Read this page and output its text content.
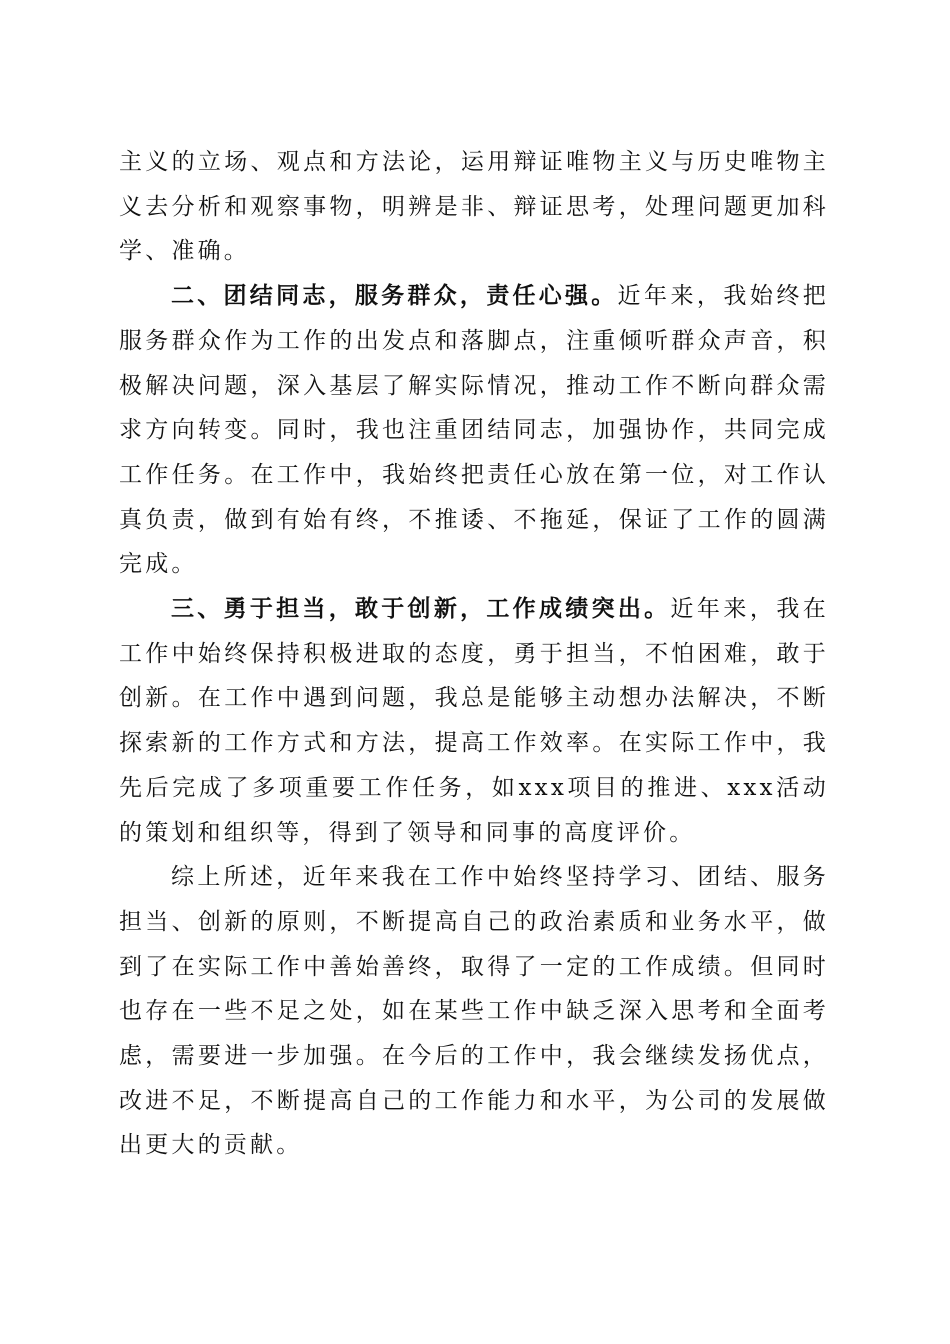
主义的立场、观点和方法论，运用辩证唯物主义与历史唯物主义去分析和观察事物，明辨是非、辩证思考，处理问题更加科学、准确。

二、团结同志，服务群众，责任心强。近年来，我始终把服务群众作为工作的出发点和落脚点，注重倾听群众声音，积极解决问题，深入基层了解实际情况，推动工作不断向群众需求方向转变。同时，我也注重团结同志，加强协作，共同完成工作任务。在工作中，我始终把责任心放在第一位，对工作认真负责，做到有始有终，不推诿、不拖延，保证了工作的圆满完成。

三、勇于担当，敢于创新，工作成绩突出。近年来，我在工作中始终保持积极进取的态度，勇于担当，不怕困难，敢于创新。在工作中遇到问题，我总是能够主动想办法解决，不断探索新的工作方式和方法，提高工作效率。在实际工作中，我先后完成了多项重要工作任务，如xxx项目的推进、xxx活动的策划和组织等，得到了领导和同事的高度评价。

综上所述，近年来我在工作中始终坚持学习、团结、服务担当、创新的原则，不断提高自己的政治素质和业务水平，做到了在实际工作中善始善终，取得了一定的工作成绩。但同时也存在一些不足之处，如在某些工作中缺乏深入思考和全面考虑，需要进一步加强。在今后的工作中，我会继续发扬优点，改进不足，不断提高自己的工作能力和水平，为公司的发展做出更大的贡献。
